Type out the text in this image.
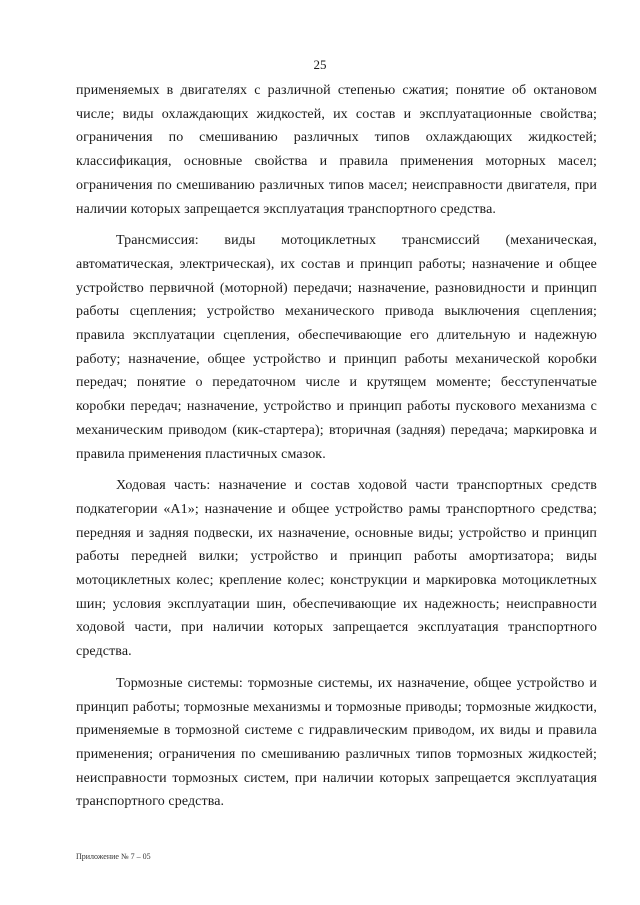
25

применяемых в двигателях с различной степенью сжатия; понятие об октановом числе; виды охлаждающих жидкостей, их состав и эксплуатационные свойства; ограничения по смешиванию различных типов охлаждающих жидкостей; классификация, основные свойства и правила применения моторных масел; ограничения по смешиванию различных типов масел; неисправности двигателя, при наличии которых запрещается эксплуатация транспортного средства.

Трансмиссия: виды мотоциклетных трансмиссий (механическая, автоматическая, электрическая), их состав и принцип работы; назначение и общее устройство первичной (моторной) передачи; назначение, разновидности и принцип работы сцепления; устройство механического привода выключения сцепления; правила эксплуатации сцепления, обеспечивающие его длительную и надежную работу; назначение, общее устройство и принцип работы механической коробки передач; понятие о передаточном числе и крутящем моменте; бесступенчатые коробки передач; назначение, устройство и принцип работы пускового механизма с механическим приводом (кик-стартера); вторичная (задняя) передача; маркировка и правила применения пластичных смазок.

Ходовая часть: назначение и состав ходовой части транспортных средств подкатегории «A1»; назначение и общее устройство рамы транспортного средства; передняя и задняя подвески, их назначение, основные виды; устройство и принцип работы передней вилки; устройство и принцип работы амортизатора; виды мотоциклетных колес; крепление колес; конструкции и маркировка мотоциклетных шин; условия эксплуатации шин, обеспечивающие их надежность; неисправности ходовой части, при наличии которых запрещается эксплуатация транспортного средства.

Тормозные системы: тормозные системы, их назначение, общее устройство и принцип работы; тормозные механизмы и тормозные приводы; тормозные жидкости, применяемые в тормозной системе с гидравлическим приводом, их виды и правила применения; ограничения по смешиванию различных типов тормозных жидкостей; неисправности тормозных систем, при наличии которых запрещается эксплуатация транспортного средства.

Приложение № 7 – 05
